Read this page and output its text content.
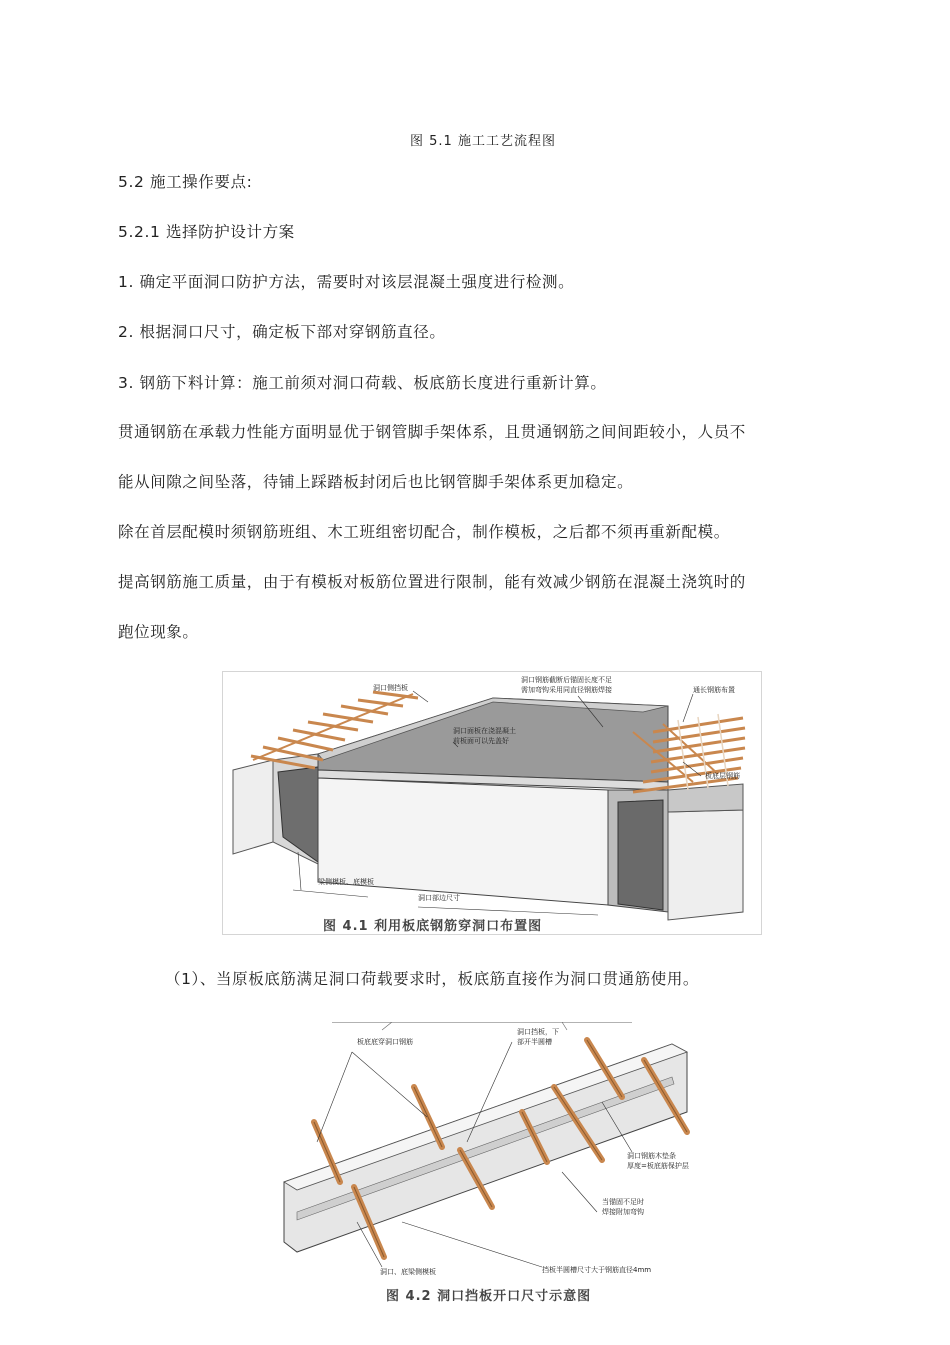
图 5.1 施工工艺流程图
5.2 施工操作要点:
5.2.1 选择防护设计方案
1. 确定平面洞口防护方法，需要时对该层混凝土强度进行检测。
2. 根据洞口尺寸，确定板下部对穿钢筋直径。
3. 钢筋下料计算：施工前须对洞口荷载、板底筋长度进行重新计算。
贯通钢筋在承载力性能方面明显优于钢管脚手架体系，且贯通钢筋之间间距较小，人员不
能从间隙之间坠落，待铺上踩踏板封闭后也比钢管脚手架体系更加稳定。
除在首层配模时须钢筋班组、木工班组密切配合，制作模板，之后都不须再重新配模。
提高钢筋施工质量，由于有模板对板筋位置进行限制，能有效减少钢筋在混凝土浇筑时的
跑位现象。
洞口侧挡板
洞口钢筋截断后锚固长度不足
需加弯钩采用同直径钢筋焊接
洞口面板在浇混凝土
前板面可以先盖好
通长钢筋布置
板底层钢筋
梁侧模板、底模板
洞口部边尺寸
图 4.1 利用板底钢筋穿洞口布置图
（1）、当原板底筋满足洞口荷载要求时，板底筋直接作为洞口贯通筋使用。
板底底穿洞口钢筋
洞口挡板，下
部开半圆槽
洞口钢筋木垫条
厚度=板底筋保护层
当锚固不足时
焊接附加弯钩
洞口、底梁侧模板	挡板半圆槽尺寸大于钢筋直径4mm
图 4.2 洞口挡板开口尺寸示意图
